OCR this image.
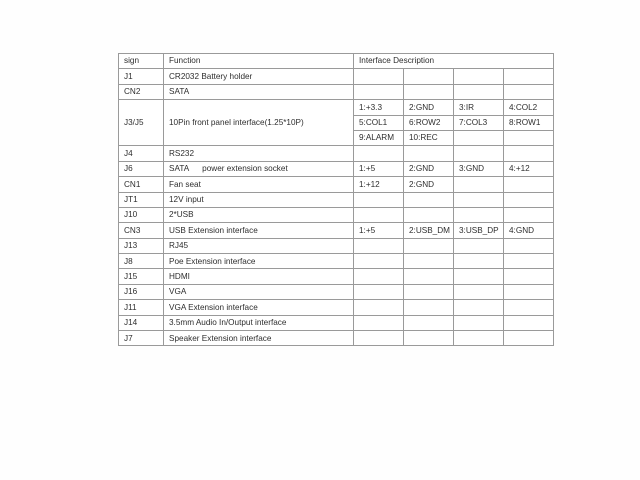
sign	Function	Interface Description			
J1	CR2032 Battery holder				
CN2	SATA				
J3/J5	10Pin front panel interface(1.25*10P)	1:+3.3	2:GND	3:IR	4:COL2
		5:COL1	6:ROW2	7:COL3	8:ROW1
		9:ALARM	10:REC		
J4	RS232				
J6	SATA power extension socket	1:+5	2:GND	3:GND	4:+12
CN1	Fan seat	1:+12	2:GND		
JT1	12V input				
J10	2*USB				
CN3	USB Extension interface	1:+5	2:USB_DM	3:USB_DP	4:GND
J13	RJ45				
J8	Poe Extension interface				
J15	HDMI				
J16	VGA				
J11	VGA Extension interface				
J14	3.5mm Audio In/Output interface				
J7	Speaker Extension interface				
